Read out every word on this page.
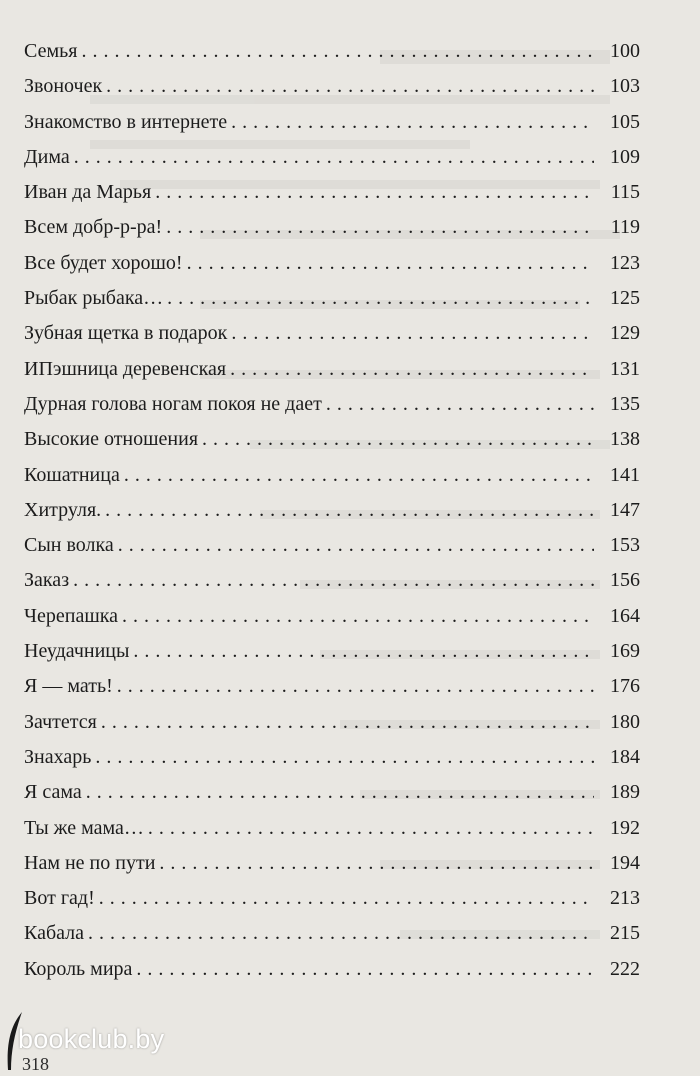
Семья . . .	100
Звоночек . . .	103
Знакомство в интернете . . .	105
Дима . . .	109
Иван да Марья . . .	115
Всем добр-р-ра! . . .	119
Все будет хорошо! . . .	123
Рыбак рыбака… . . .	125
Зубная щетка в подарок . . .	129
ИПэшница деревенская . . .	131
Дурная голова ногам покоя не дает . . .	135
Высокие отношения . . .	138
Кошатница . . .	141
Хитруля. . . .	147
Сын волка . . .	153
Заказ . . .	156
Черепашка . . .	164
Неудачницы . . .	169
Я — мать! . . .	176
Зачтется . . .	180
Знахарь . . .	184
Я сама . . .	189
Ты же мама… . . .	192
Нам не по пути . . .	194
Вот гад! . . .	213
Кабала . . .	215
Король мира . . .	222
bookclub.by
318
